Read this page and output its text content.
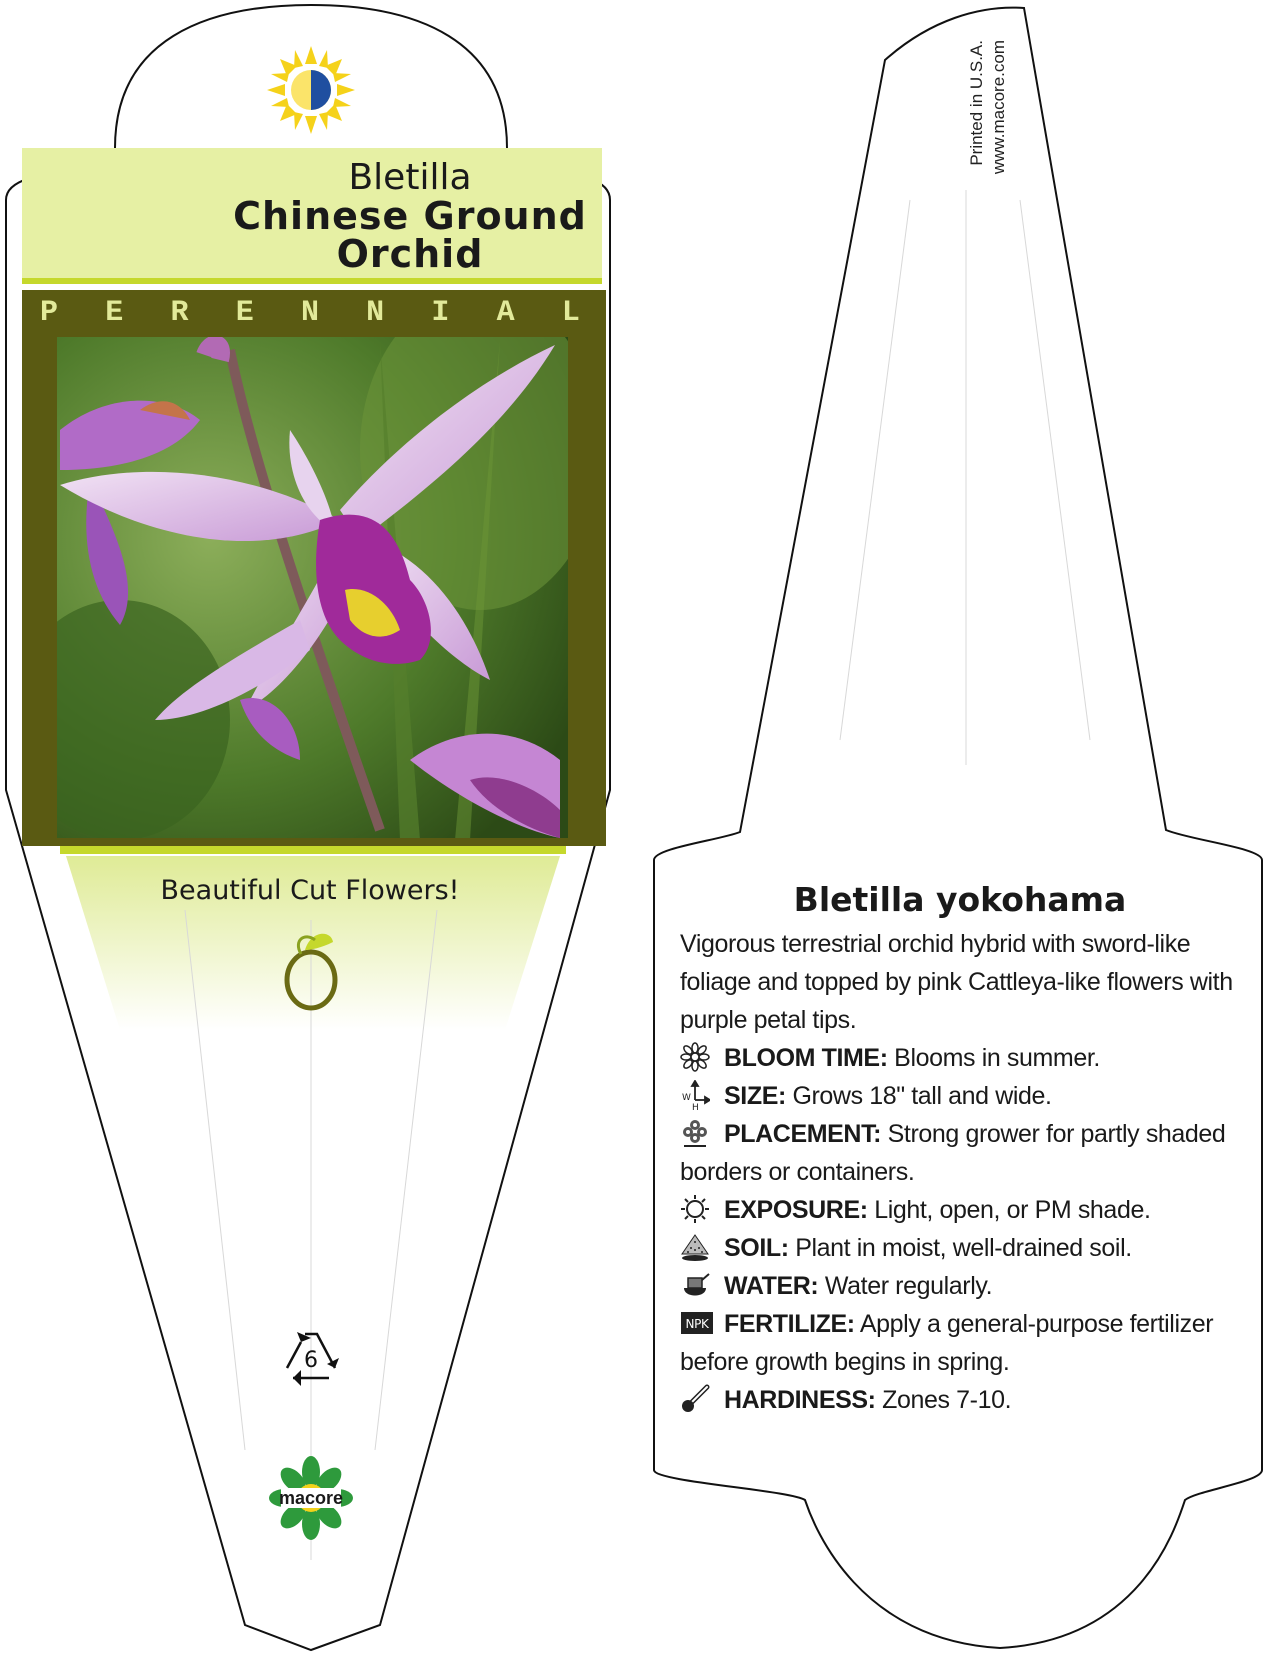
6
macore
Bletilla
Chinese Ground
Orchid
P E R E N N I A L
Beautiful Cut Flowers!
Printed in U.S.A. www.macore.com
Bletilla yokohama
Vigorous terrestrial orchid hybrid with sword-like foliage and topped by pink Cattleya-like flowers with purple petal tips.
BLOOM TIME: Blooms in summer.
W
H SIZE: Grows 18" tall and wide.
PLACEMENT: Strong grower for partly shaded borders or containers.
EXPOSURE: Light, open, or PM shade.
SOIL: Plant in moist, well-drained soil.
WATER: Water regularly.
NPK FERTILIZE: Apply a general-purpose fertilizer before growth begins in spring.
HARDINESS: Zones 7-10.
